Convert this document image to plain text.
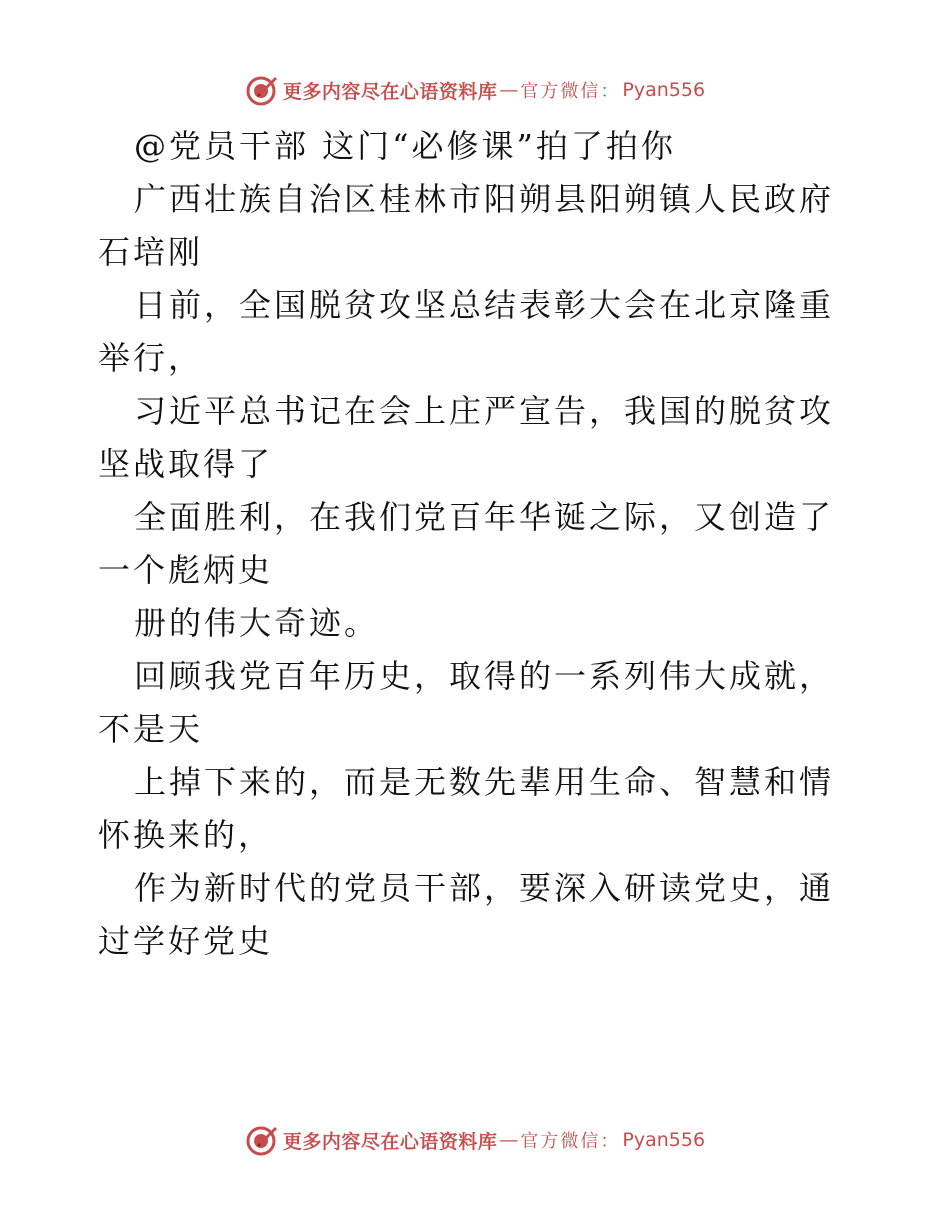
更多内容尽在心语资料库 — 官方微信： Pyan556

@党员干部 这门“必修课”拍了拍你

广西壮族自治区桂林市阳朔县阳朔镇人民政府 石培刚

日前，全国脱贫攻坚总结表彰大会在北京隆重举行，

习近平总书记在会上庄严宣告，我国的脱贫攻坚战取得了

全面胜利，在我们党百年华诞之际，又创造了一个彪炳史

册的伟大奇迹。

回顾我党百年历史，取得的一系列伟大成就，不是天

上掉下来的，而是无数先辈用生命、智慧和情怀换来的，

作为新时代的党员干部，要深入研读党史，通过学好党史

更多内容尽在心语资料库 — 官方微信： Pyan556
